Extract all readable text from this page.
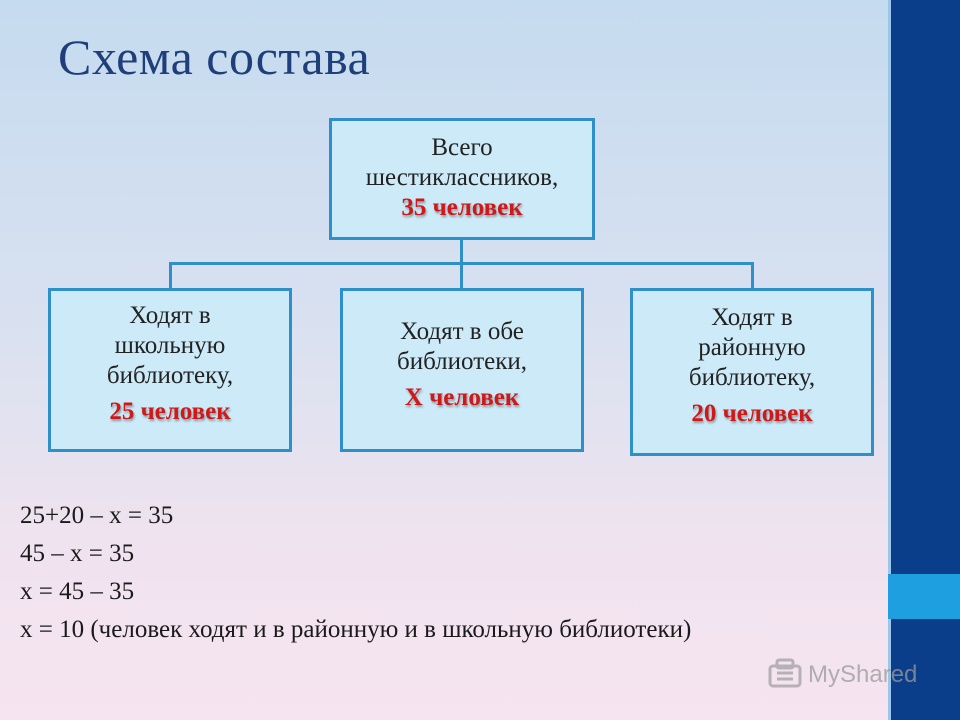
Схема состава
Всего
шестиклассников,
35 человек
Ходят в
школьную
библиотеку,
25 человек
Ходят в обе
библиотеки,
Х человек
Ходят в
районную
библиотеку,
20 человек
25+20 – х = 35
45 – х = 35
х = 45 – 35
х = 10 (человек ходят и в районную и в школьную библиотеки)
MyShared
